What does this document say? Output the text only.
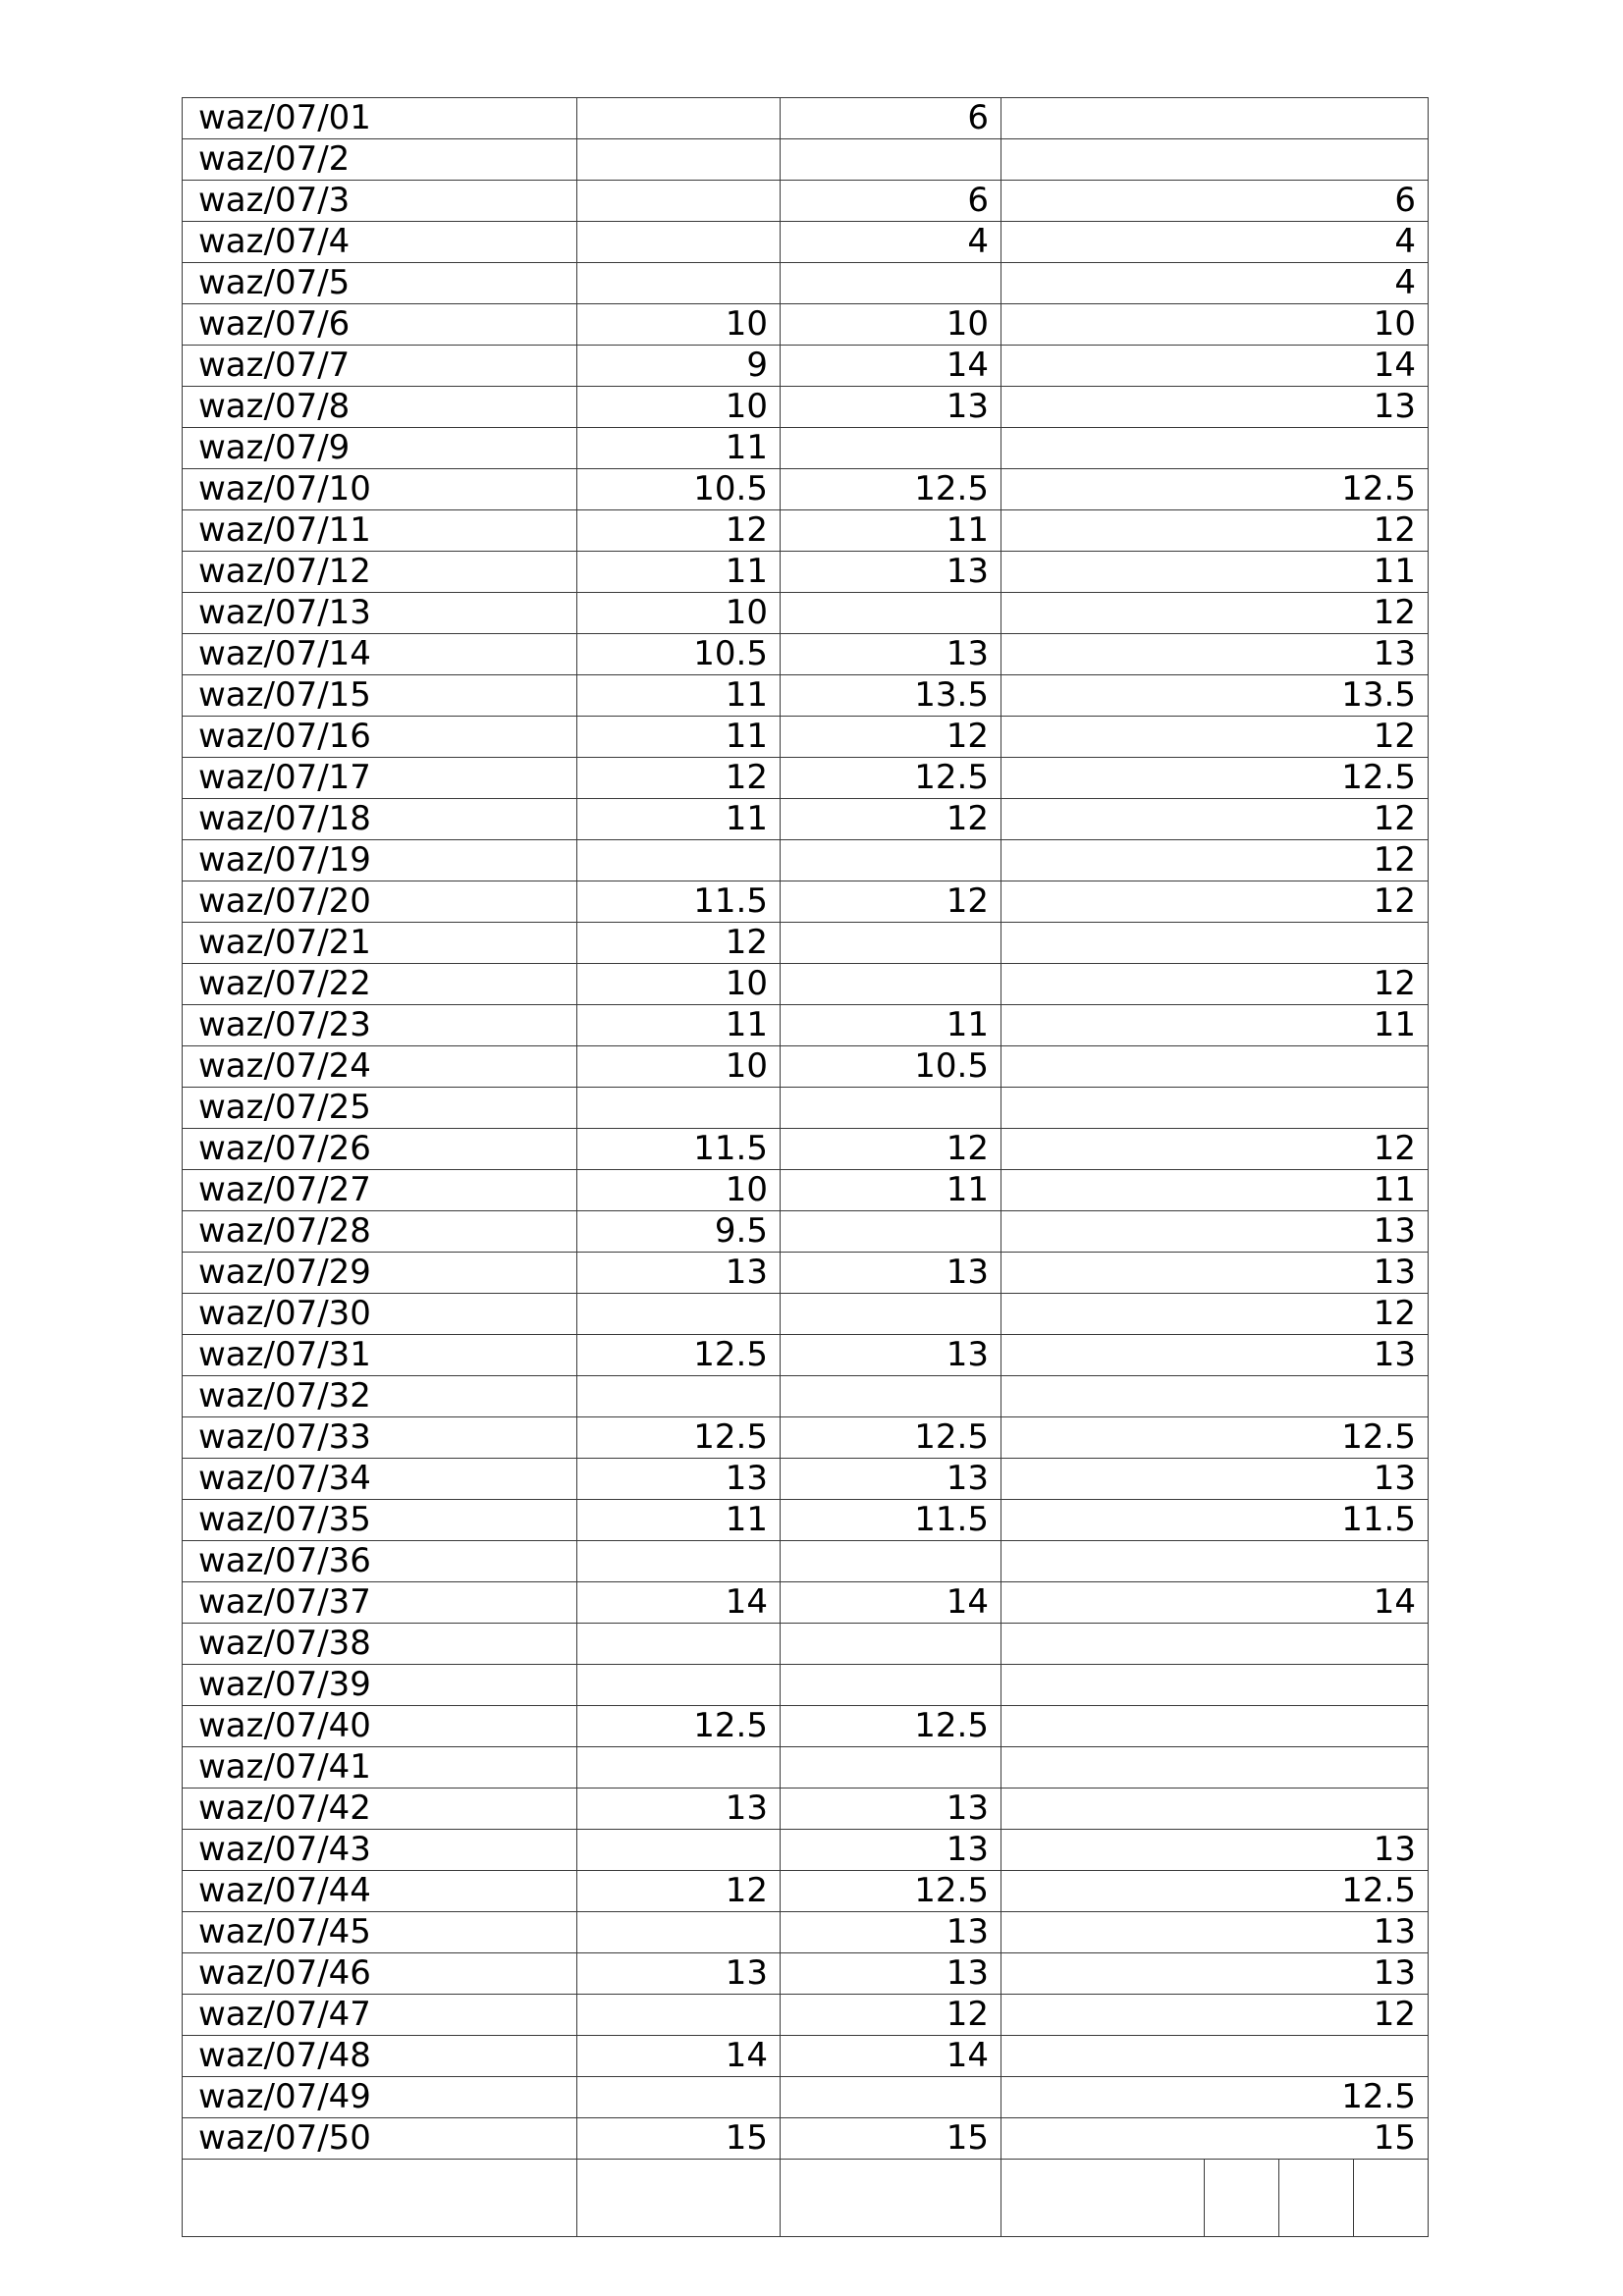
waz/07/01		6	
waz/07/2			
waz/07/3		6	6
waz/07/4		4	4
waz/07/5			4
waz/07/6	10	10	10
waz/07/7	9	14	14
waz/07/8	10	13	13
waz/07/9	11		
waz/07/10	10.5	12.5	12.5
waz/07/11	12	11	12
waz/07/12	11	13	11
waz/07/13	10		12
waz/07/14	10.5	13	13
waz/07/15	11	13.5	13.5
waz/07/16	11	12	12
waz/07/17	12	12.5	12.5
waz/07/18	11	12	12
waz/07/19			12
waz/07/20	11.5	12	12
waz/07/21	12		
waz/07/22	10		12
waz/07/23	11	11	11
waz/07/24	10	10.5	
waz/07/25			
waz/07/26	11.5	12	12
waz/07/27	10	11	11
waz/07/28	9.5		13
waz/07/29	13	13	13
waz/07/30			12
waz/07/31	12.5	13	13
waz/07/32			
waz/07/33	12.5	12.5	12.5
waz/07/34	13	13	13
waz/07/35	11	11.5	11.5
waz/07/36			
waz/07/37	14	14	14
waz/07/38			
waz/07/39			
waz/07/40	12.5	12.5	
waz/07/41			
waz/07/42	13	13	
waz/07/43		13	13
waz/07/44	12	12.5	12.5
waz/07/45		13	13
waz/07/46	13	13	13
waz/07/47		12	12
waz/07/48	14	14	
waz/07/49			12.5
waz/07/50	15	15	15
